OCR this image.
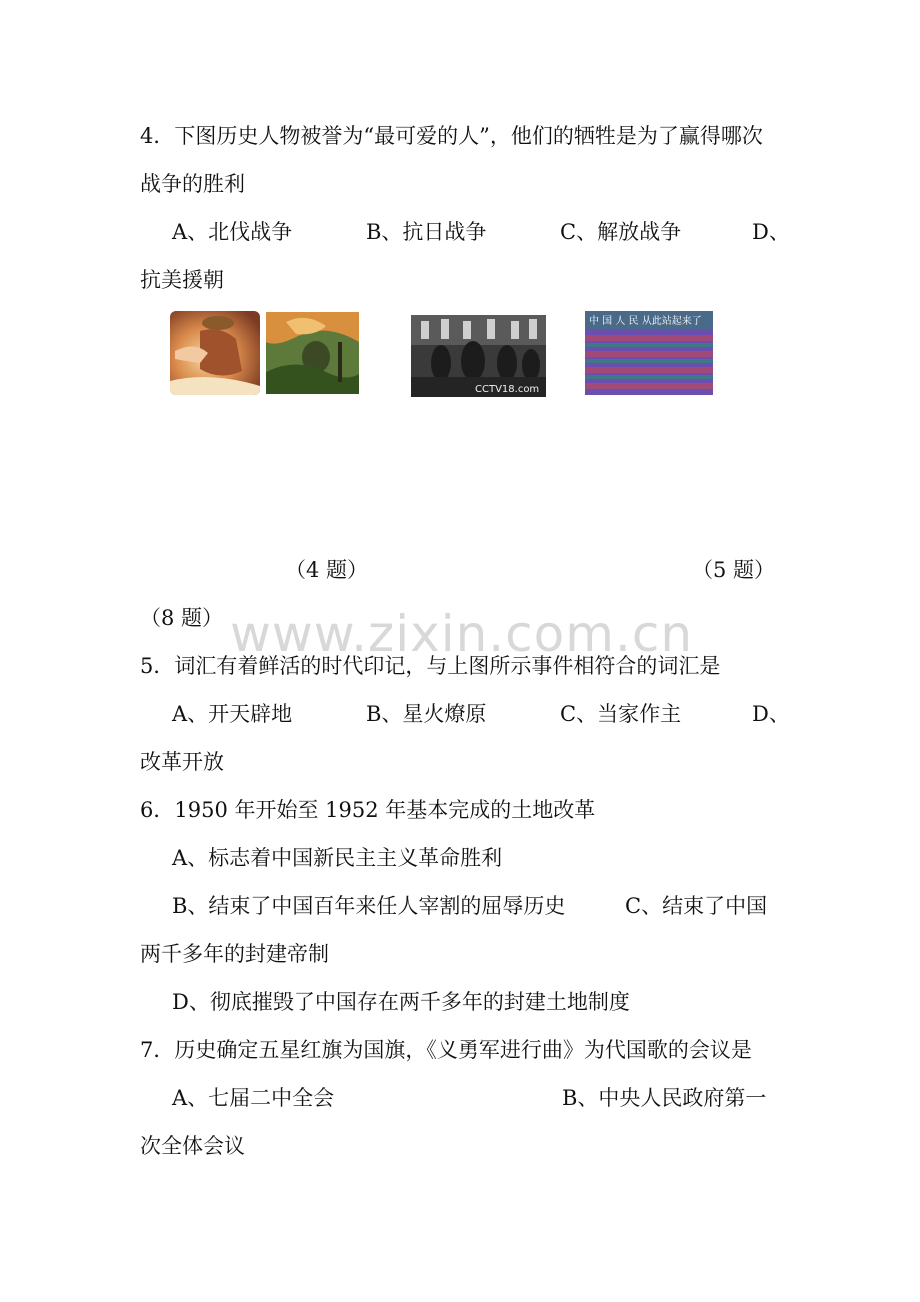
4．下图历史人物被誉为“最可爱的人”，他们的牺牲是为了赢得哪次
战争的胜利
A、北伐战争	B、抗日战争	C、解放战争	D、
抗美援朝
CCTV18.com
中 国 人 民 从此站起来了
（4 题）	（5 题）
（8 题） www.zixin.com.cn
5．词汇有着鲜活的时代印记，与上图所示事件相符合的词汇是
A、开天辟地	B、星火燎原	C、当家作主	D、
改革开放
6．1950 年开始至 1952 年基本完成的土地改革
A、标志着中国新民主主义革命胜利
B、结束了中国百年来任人宰割的屈辱历史	C、结束了中国
两千多年的封建帝制
D、彻底摧毁了中国存在两千多年的封建土地制度
7．历史确定五星红旗为国旗，《义勇军进行曲》为代国歌的会议是
A、七届二中全会	B、中央人民政府第一
次全体会议
